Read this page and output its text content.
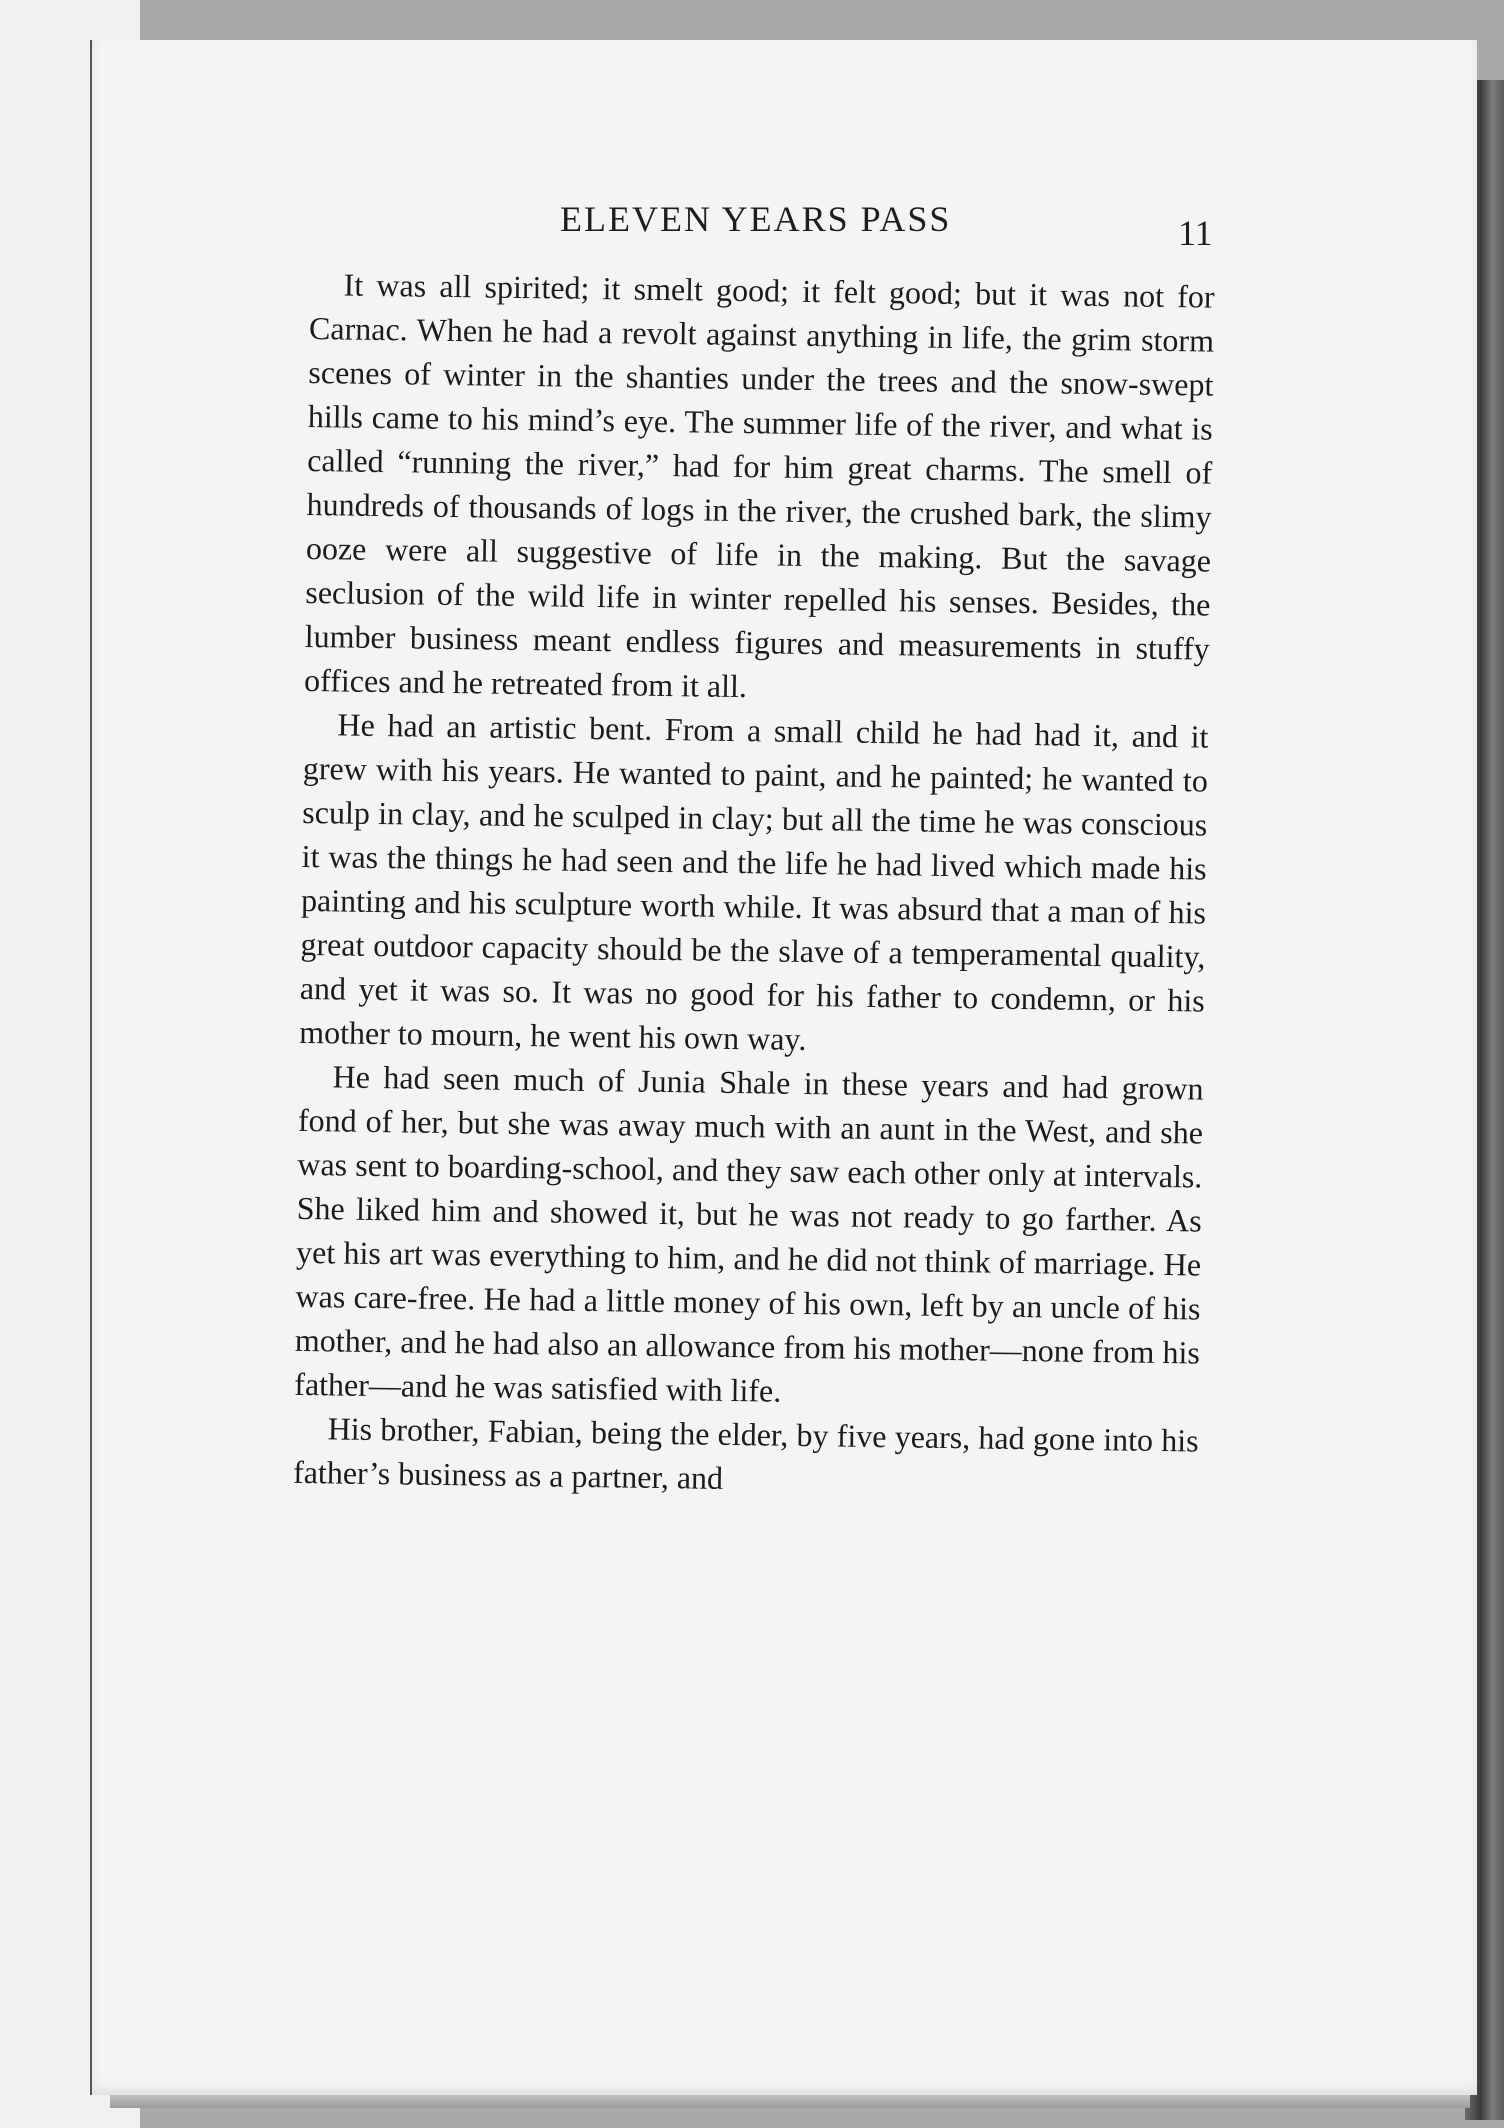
ELEVEN YEARS PASS	11

It was all spirited; it smelt good; it felt good; but it was not for Carnac. When he had a revolt against anything in life, the grim storm scenes of winter in the shanties under the trees and the snow-swept hills came to his mind’s eye. The summer life of the river, and what is called “running the river,” had for him great charms. The smell of hundreds of thousands of logs in the river, the crushed bark, the slimy ooze were all suggestive of life in the making. But the savage seclusion of the wild life in winter repelled his senses. Besides, the lumber business meant endless figures and measurements in stuffy offices and he retreated from it all.

He had an artistic bent. From a small child he had had it, and it grew with his years. He wanted to paint, and he painted; he wanted to sculp in clay, and he sculped in clay; but all the time he was conscious it was the things he had seen and the life he had lived which made his painting and his sculpture worth while. It was absurd that a man of his great outdoor capacity should be the slave of a temperamental quality, and yet it was so. It was no good for his father to condemn, or his mother to mourn, he went his own way.

He had seen much of Junia Shale in these years and had grown fond of her, but she was away much with an aunt in the West, and she was sent to boarding-school, and they saw each other only at intervals. She liked him and showed it, but he was not ready to go farther. As yet his art was everything to him, and he did not think of marriage. He was care-free. He had a little money of his own, left by an uncle of his mother, and he had also an allowance from his mother—none from his father—and he was satisfied with life.

His brother, Fabian, being the elder, by five years, had gone into his father’s business as a partner, and
